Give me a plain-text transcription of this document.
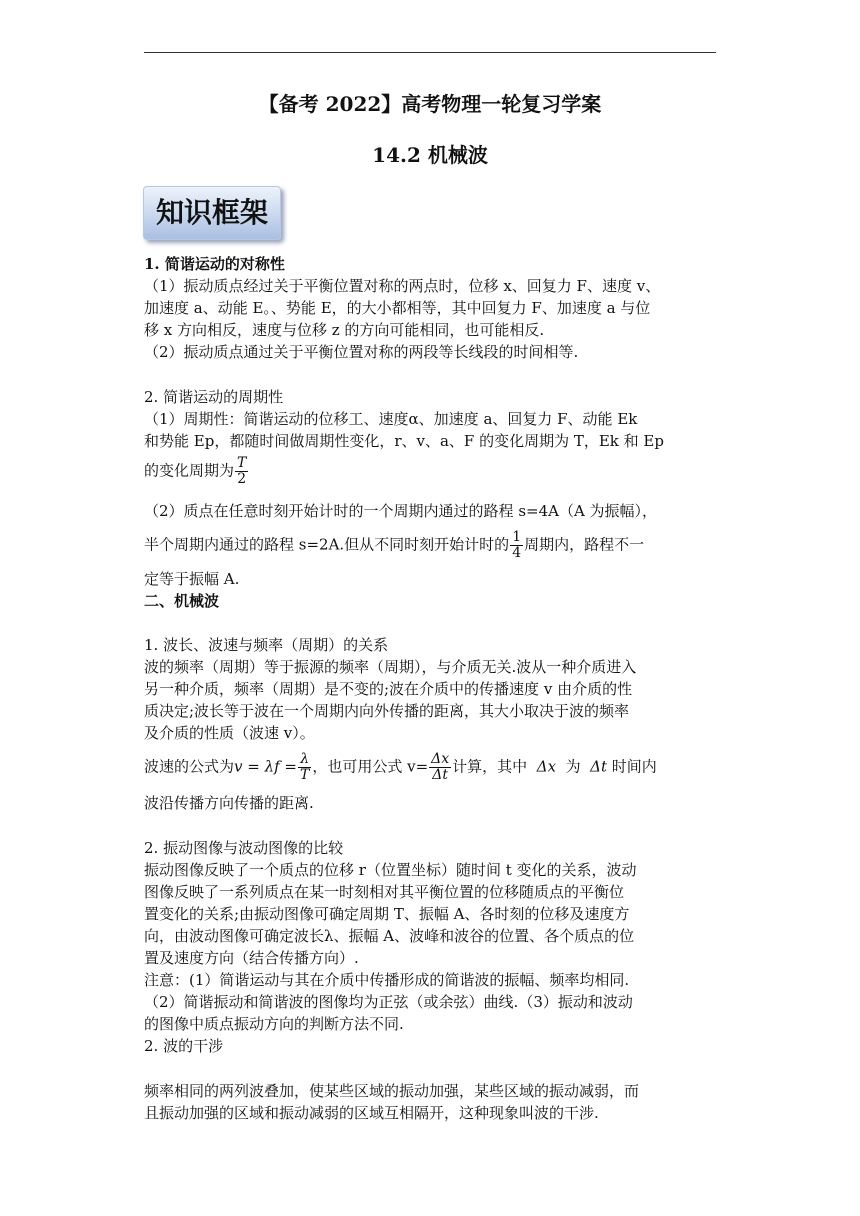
【备考 2022】高考物理一轮复习学案
14.2 机械波
知识框架
1. 简谐运动的对称性
（1）振动质点经过关于平衡位置对称的两点时，位移 x、回复力 F、速度 v、
加速度 a、动能 E。、势能 E，的大小都相等，其中回复力 F、加速度 a 与位
移 x 方向相反，速度与位移 z 的方向可能相同，也可能相反.
（2）振动质点通过关于平衡位置对称的两段等长线段的时间相等.
2. 简谐运动的周期性
（1）周期性：简谐运动的位移工、速度α、加速度 a、回复力 F、动能 Ek
和势能 Ep，都随时间做周期性变化，r、v、a、F 的变化周期为 T，Ek 和 Ep
的变化周期为 $\frac{T}{2}$
（2）质点在任意时刻开始计时的一个周期内通过的路程 s=4A（A 为振幅），
半个周期内通过的路程 s=2A.但从不同时刻开始计时的 $\frac{1}{4}$ 周期内，路程不一
定等于振幅 A.
二、机械波
1. 波长、波速与频率（周期）的关系
波的频率（周期）等于振源的频率（周期），与介质无关.波从一种介质进入
另一种介质，频率（周期）是不变的;波在介质中的传播速度 v 由介质的性
质决定;波长等于波在一个周期内向外传播的距离，其大小取决于波的频率
及介质的性质（波速 v）。
波速的公式为$v = \lambda f = \frac{\lambda}{T}$ ，也可用公式 $v= \frac{\Delta x}{\Delta t}$ 计算，其中 Δx 为 Δt 时间内
波沿传播方向传播的距离.
2. 振动图像与波动图像的比较
振动图像反映了一个质点的位移 r（位置坐标）随时间 t 变化的关系，波动
图像反映了一系列质点在某一时刻相对其平衡位置的位移随质点的平衡位
置变化的关系;由振动图像可确定周期 T、振幅 A、各时刻的位移及速度方
向，由波动图像可确定波长λ、振幅 A、波峰和波谷的位置、各个质点的位
置及速度方向（结合传播方向）.
注意：(1）简谐运动与其在介质中传播形成的简谐波的振幅、频率均相同.
（2）简谐振动和简谐波的图像均为正弦（或余弦）曲线.（3）振动和波动
的图像中质点振动方向的判断方法不同.
2. 波的干涉
频率相同的两列波叠加，使某些区域的振动加强，某些区域的振动减弱，而
且振动加强的区域和振动减弱的区域互相隔开，这种现象叫波的干涉.
